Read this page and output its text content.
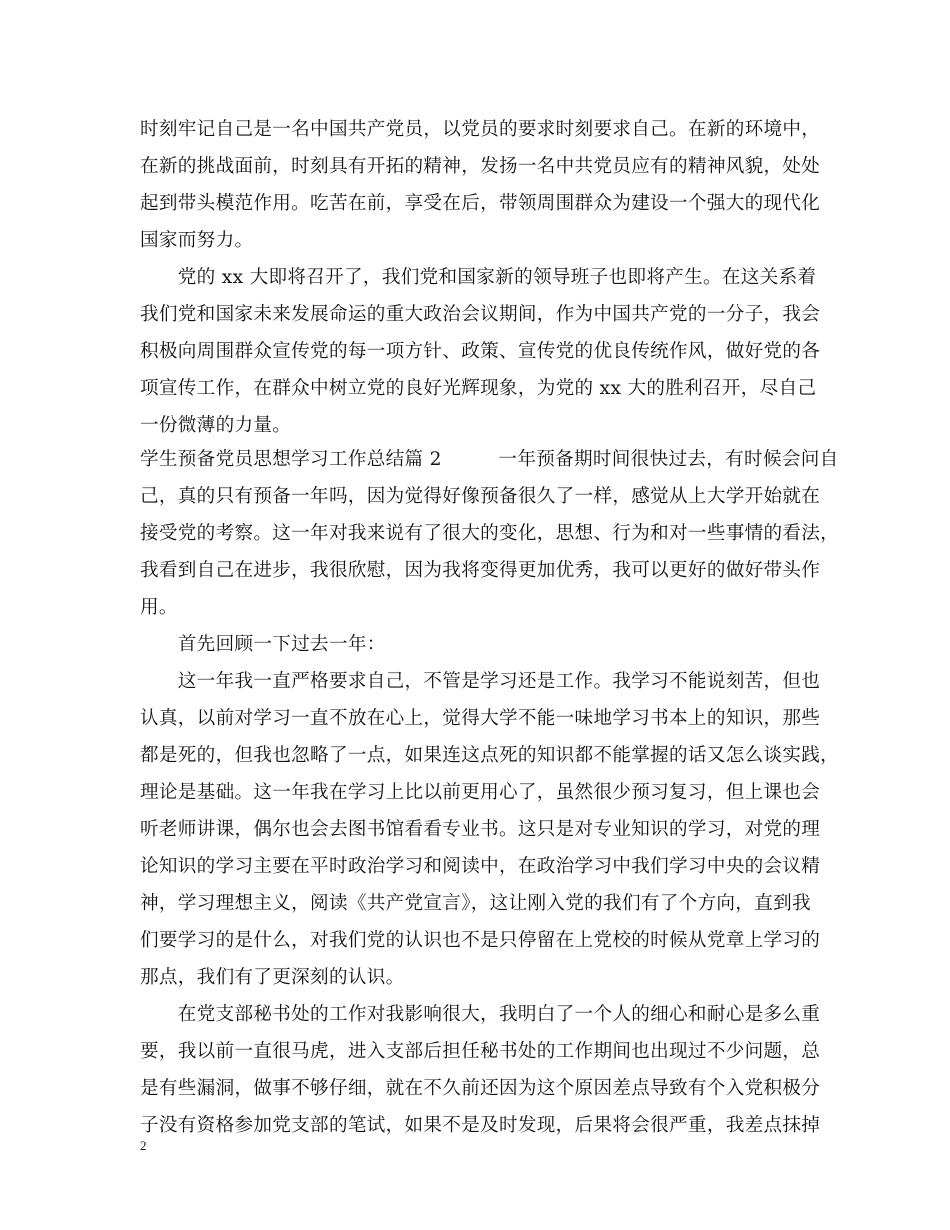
时刻牢记自己是一名中国共产党员，以党员的要求时刻要求自己。在新的环境中，

在新的挑战面前，时刻具有开拓的精神，发扬一名中共党员应有的精神风貌，处处

起到带头模范作用。吃苦在前，享受在后，带领周围群众为建设一个强大的现代化

国家而努力。

　　党的 xx 大即将召开了，我们党和国家新的领导班子也即将产生。在这关系着

我们党和国家未来发展命运的重大政治会议期间，作为中国共产党的一分子，我会

积极向周围群众宣传党的每一项方针、政策、宣传党的优良传统作风，做好党的各

项宣传工作，在群众中树立党的良好光辉现象，为党的 xx 大的胜利召开，尽自己

一份微薄的力量。

学生预备党员思想学习工作总结篇 2　　　一年预备期时间很快过去，有时候会问自

己，真的只有预备一年吗，因为觉得好像预备很久了一样，感觉从上大学开始就在

接受党的考察。这一年对我来说有了很大的变化，思想、行为和对一些事情的看法，

我看到自己在进步，我很欣慰，因为我将变得更加优秀，我可以更好的做好带头作

用。

　　首先回顾一下过去一年：

　　这一年我一直严格要求自己，不管是学习还是工作。我学习不能说刻苦，但也

认真，以前对学习一直不放在心上，觉得大学不能一味地学习书本上的知识，那些

都是死的，但我也忽略了一点，如果连这点死的知识都不能掌握的话又怎么谈实践，

理论是基础。这一年我在学习上比以前更用心了，虽然很少预习复习，但上课也会

听老师讲课，偶尔也会去图书馆看看专业书。这只是对专业知识的学习，对党的理

论知识的学习主要在平时政治学习和阅读中，在政治学习中我们学习中央的会议精

神，学习理想主义，阅读《共产党宣言》，这让刚入党的我们有了个方向，直到我

们要学习的是什么，对我们党的认识也不是只停留在上党校的时候从党章上学习的

那点，我们有了更深刻的认识。

　　在党支部秘书处的工作对我影响很大，我明白了一个人的细心和耐心是多么重

要，我以前一直很马虎，进入支部后担任秘书处的工作期间也出现过不少问题，总

是有些漏洞，做事不够仔细，就在不久前还因为这个原因差点导致有个入党积极分

子没有资格参加党支部的笔试，如果不是及时发现，后果将会很严重，我差点抹掉

2
